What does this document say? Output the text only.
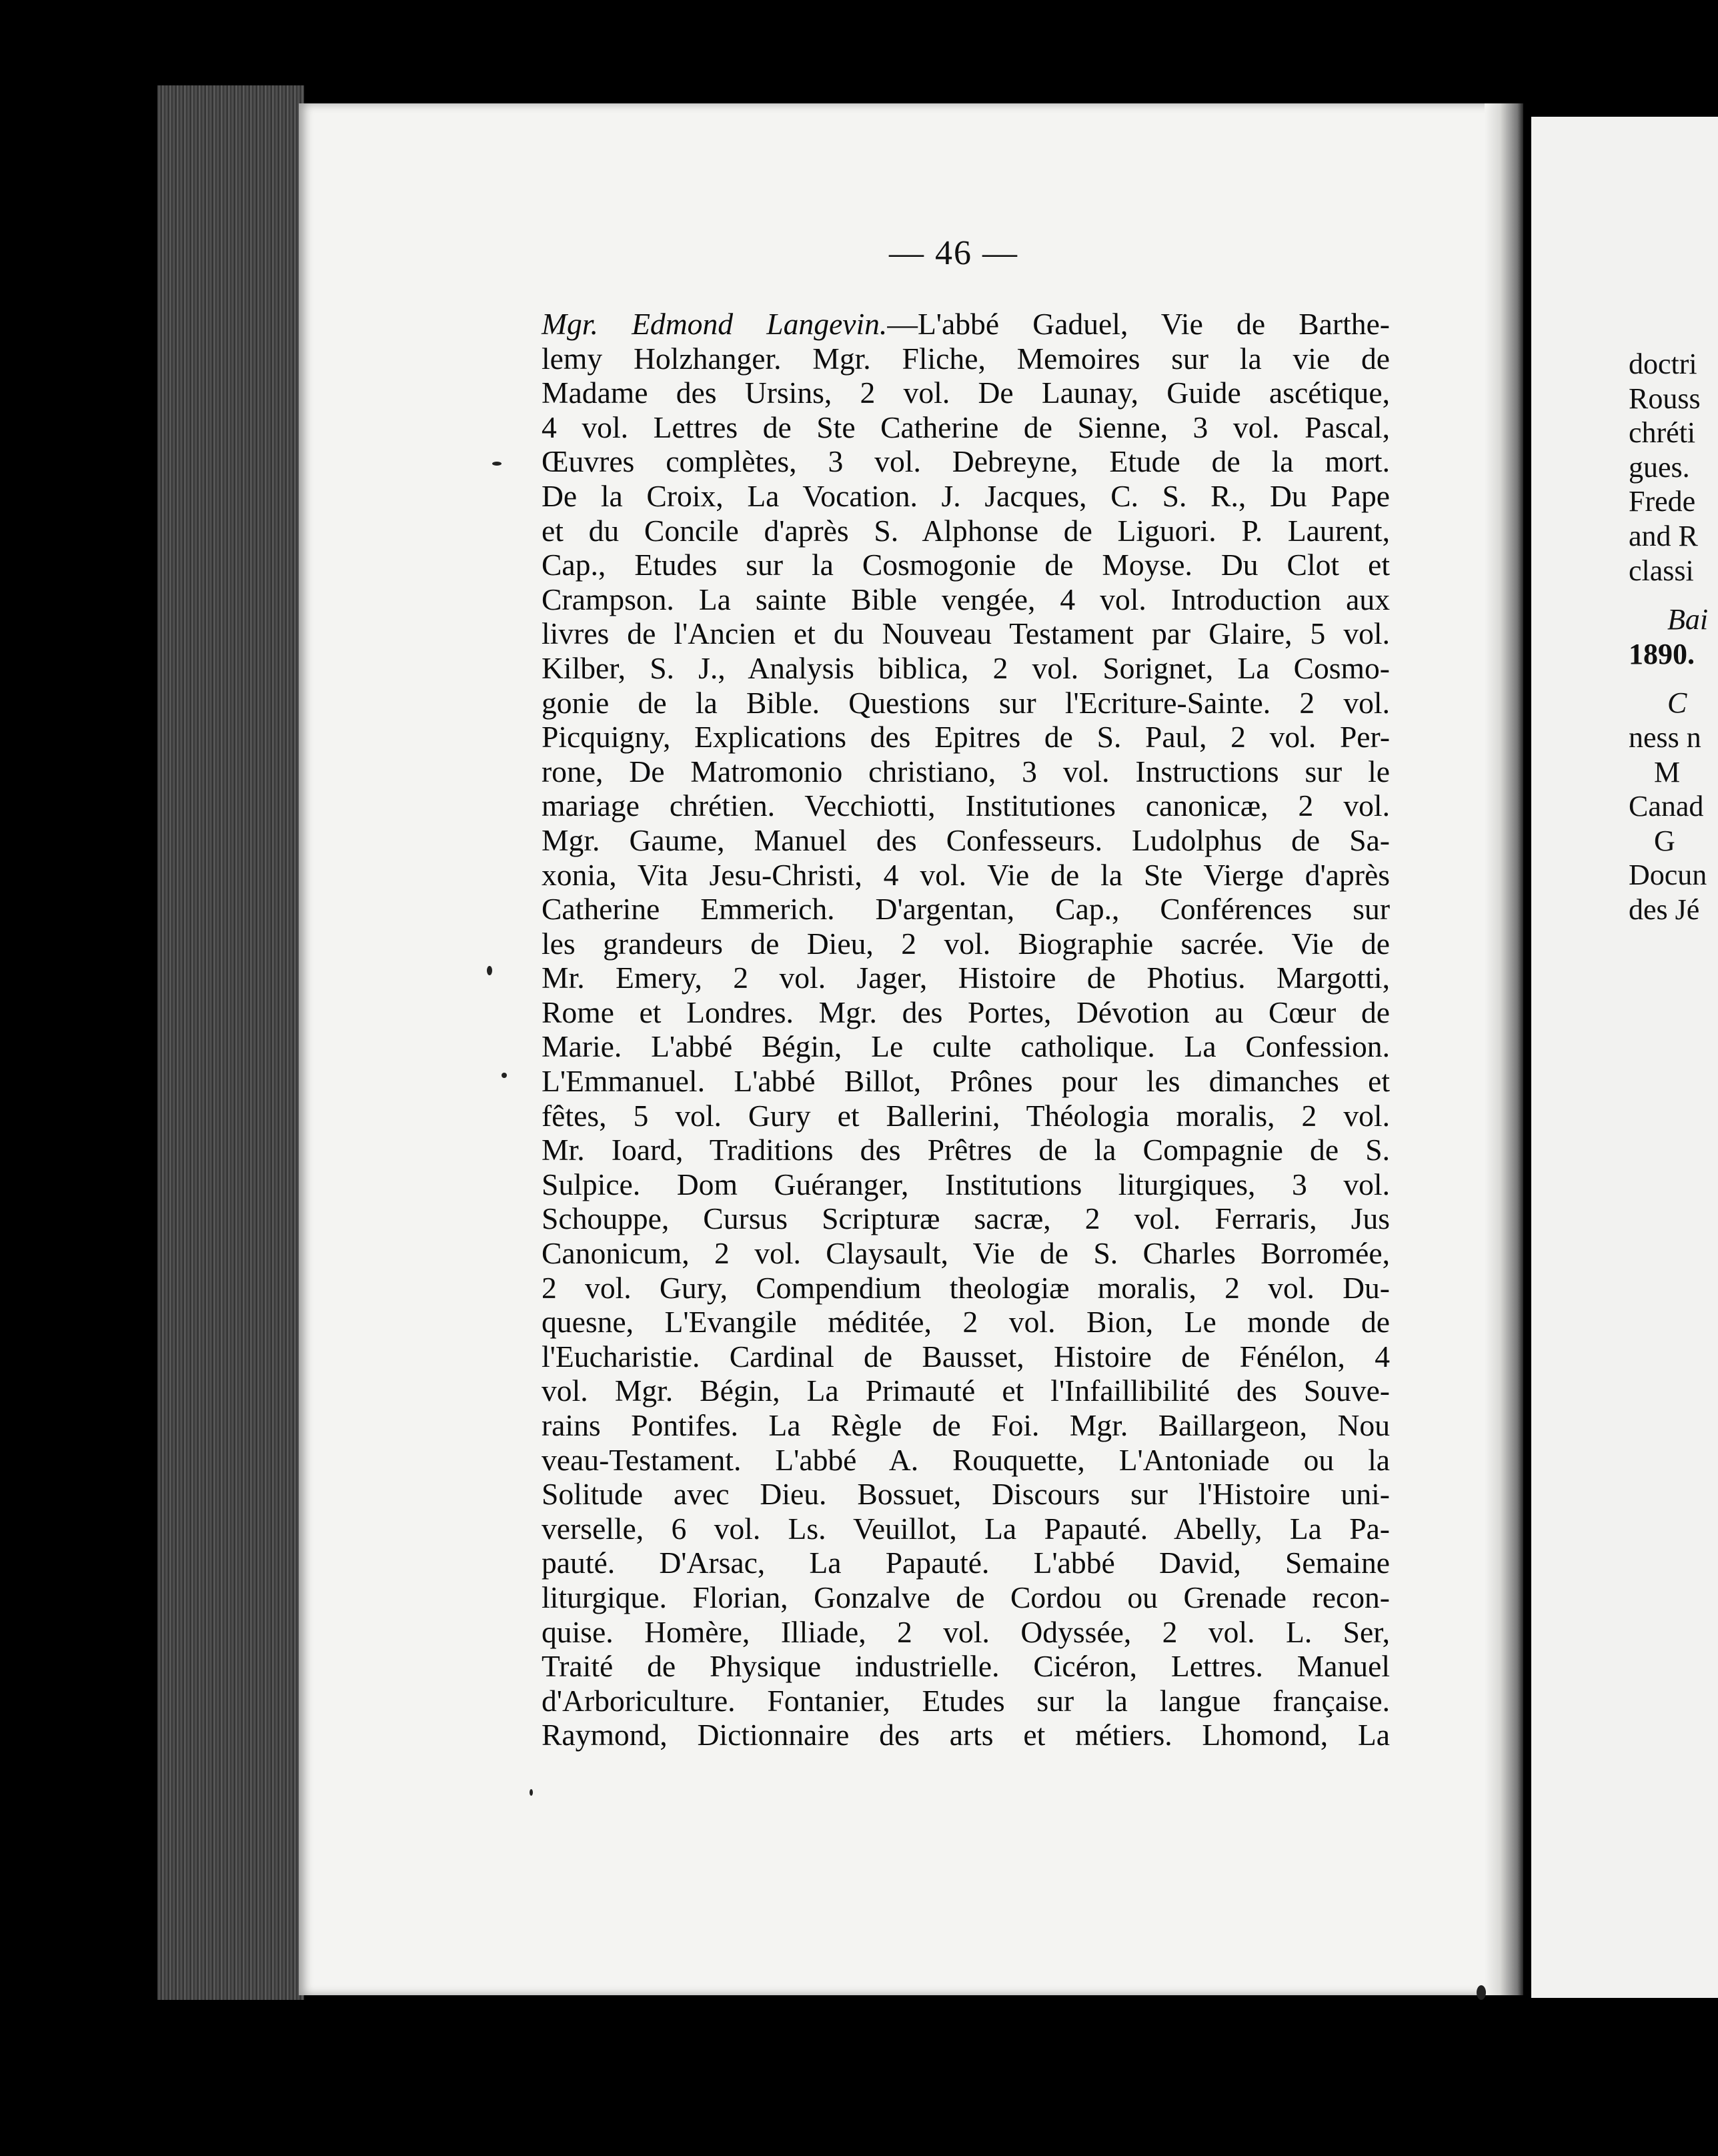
— 46 —
Mgr. Edmond Langevin.—L'abbé Gaduel, Vie de Barthe-
lemy Holzhanger. Mgr. Fliche, Memoires sur la vie de
Madame des Ursins, 2 vol. De Launay, Guide ascétique,
4 vol. Lettres de Ste Catherine de Sienne, 3 vol. Pascal,
Œuvres complètes, 3 vol. Debreyne, Etude de la mort.
De la Croix, La Vocation. J. Jacques, C. S. R., Du Pape
et du Concile d'après S. Alphonse de Liguori. P. Laurent,
Cap., Etudes sur la Cosmogonie de Moyse. Du Clot et
Crampson. La sainte Bible vengée, 4 vol. Introduction aux
livres de l'Ancien et du Nouveau Testament par Glaire, 5 vol.
Kilber, S. J., Analysis biblica, 2 vol. Sorignet, La Cosmo-
gonie de la Bible. Questions sur l'Ecriture-Sainte. 2 vol.
Picquigny, Explications des Epitres de S. Paul, 2 vol. Per-
rone, De Matromonio christiano, 3 vol. Instructions sur le
mariage chrétien. Vecchiotti, Institutiones canonicæ, 2 vol.
Mgr. Gaume, Manuel des Confesseurs. Ludolphus de Sa-
xonia, Vita Jesu-Christi, 4 vol. Vie de la Ste Vierge d'après
Catherine Emmerich. D'argentan, Cap., Conférences sur
les grandeurs de Dieu, 2 vol. Biographie sacrée. Vie de
Mr. Emery, 2 vol. Jager, Histoire de Photius. Margotti,
Rome et Londres. Mgr. des Portes, Dévotion au Cœur de
Marie. L'abbé Bégin, Le culte catholique. La Confession.
L'Emmanuel. L'abbé Billot, Prônes pour les dimanches et
fêtes, 5 vol. Gury et Ballerini, Théologia moralis, 2 vol.
Mr. Ioard, Traditions des Prêtres de la Compagnie de S.
Sulpice. Dom Guéranger, Institutions liturgiques, 3 vol.
Schouppe, Cursus Scripturæ sacræ, 2 vol. Ferraris, Jus
Canonicum, 2 vol. Claysault, Vie de S. Charles Borromée,
2 vol. Gury, Compendium theologiæ moralis, 2 vol. Du-
quesne, L'Evangile méditée, 2 vol. Bion, Le monde de
l'Eucharistie. Cardinal de Bausset, Histoire de Fénélon, 4
vol. Mgr. Bégin, La Primauté et l'Infaillibilité des Souve-
rains Pontifes. La Règle de Foi. Mgr. Baillargeon, Nou
veau-Testament. L'abbé A. Rouquette, L'Antoniade ou la
Solitude avec Dieu. Bossuet, Discours sur l'Histoire uni-
verselle, 6 vol. Ls. Veuillot, La Papauté. Abelly, La Pa-
pauté. D'Arsac, La Papauté. L'abbé David, Semaine
liturgique. Florian, Gonzalve de Cordou ou Grenade recon-
quise. Homère, Illiade, 2 vol. Odyssée, 2 vol. L. Ser,
Traité de Physique industrielle. Cicéron, Lettres. Manuel
d'Arboriculture. Fontanier, Etudes sur la langue française.
Raymond, Dictionnaire des arts et métiers. Lhomond, La
doctri
Rouss
chréti
gues.
Frede
and R
classi
Bai
1890.
C
ness n
M
Canad
G
Docun
des Jé
